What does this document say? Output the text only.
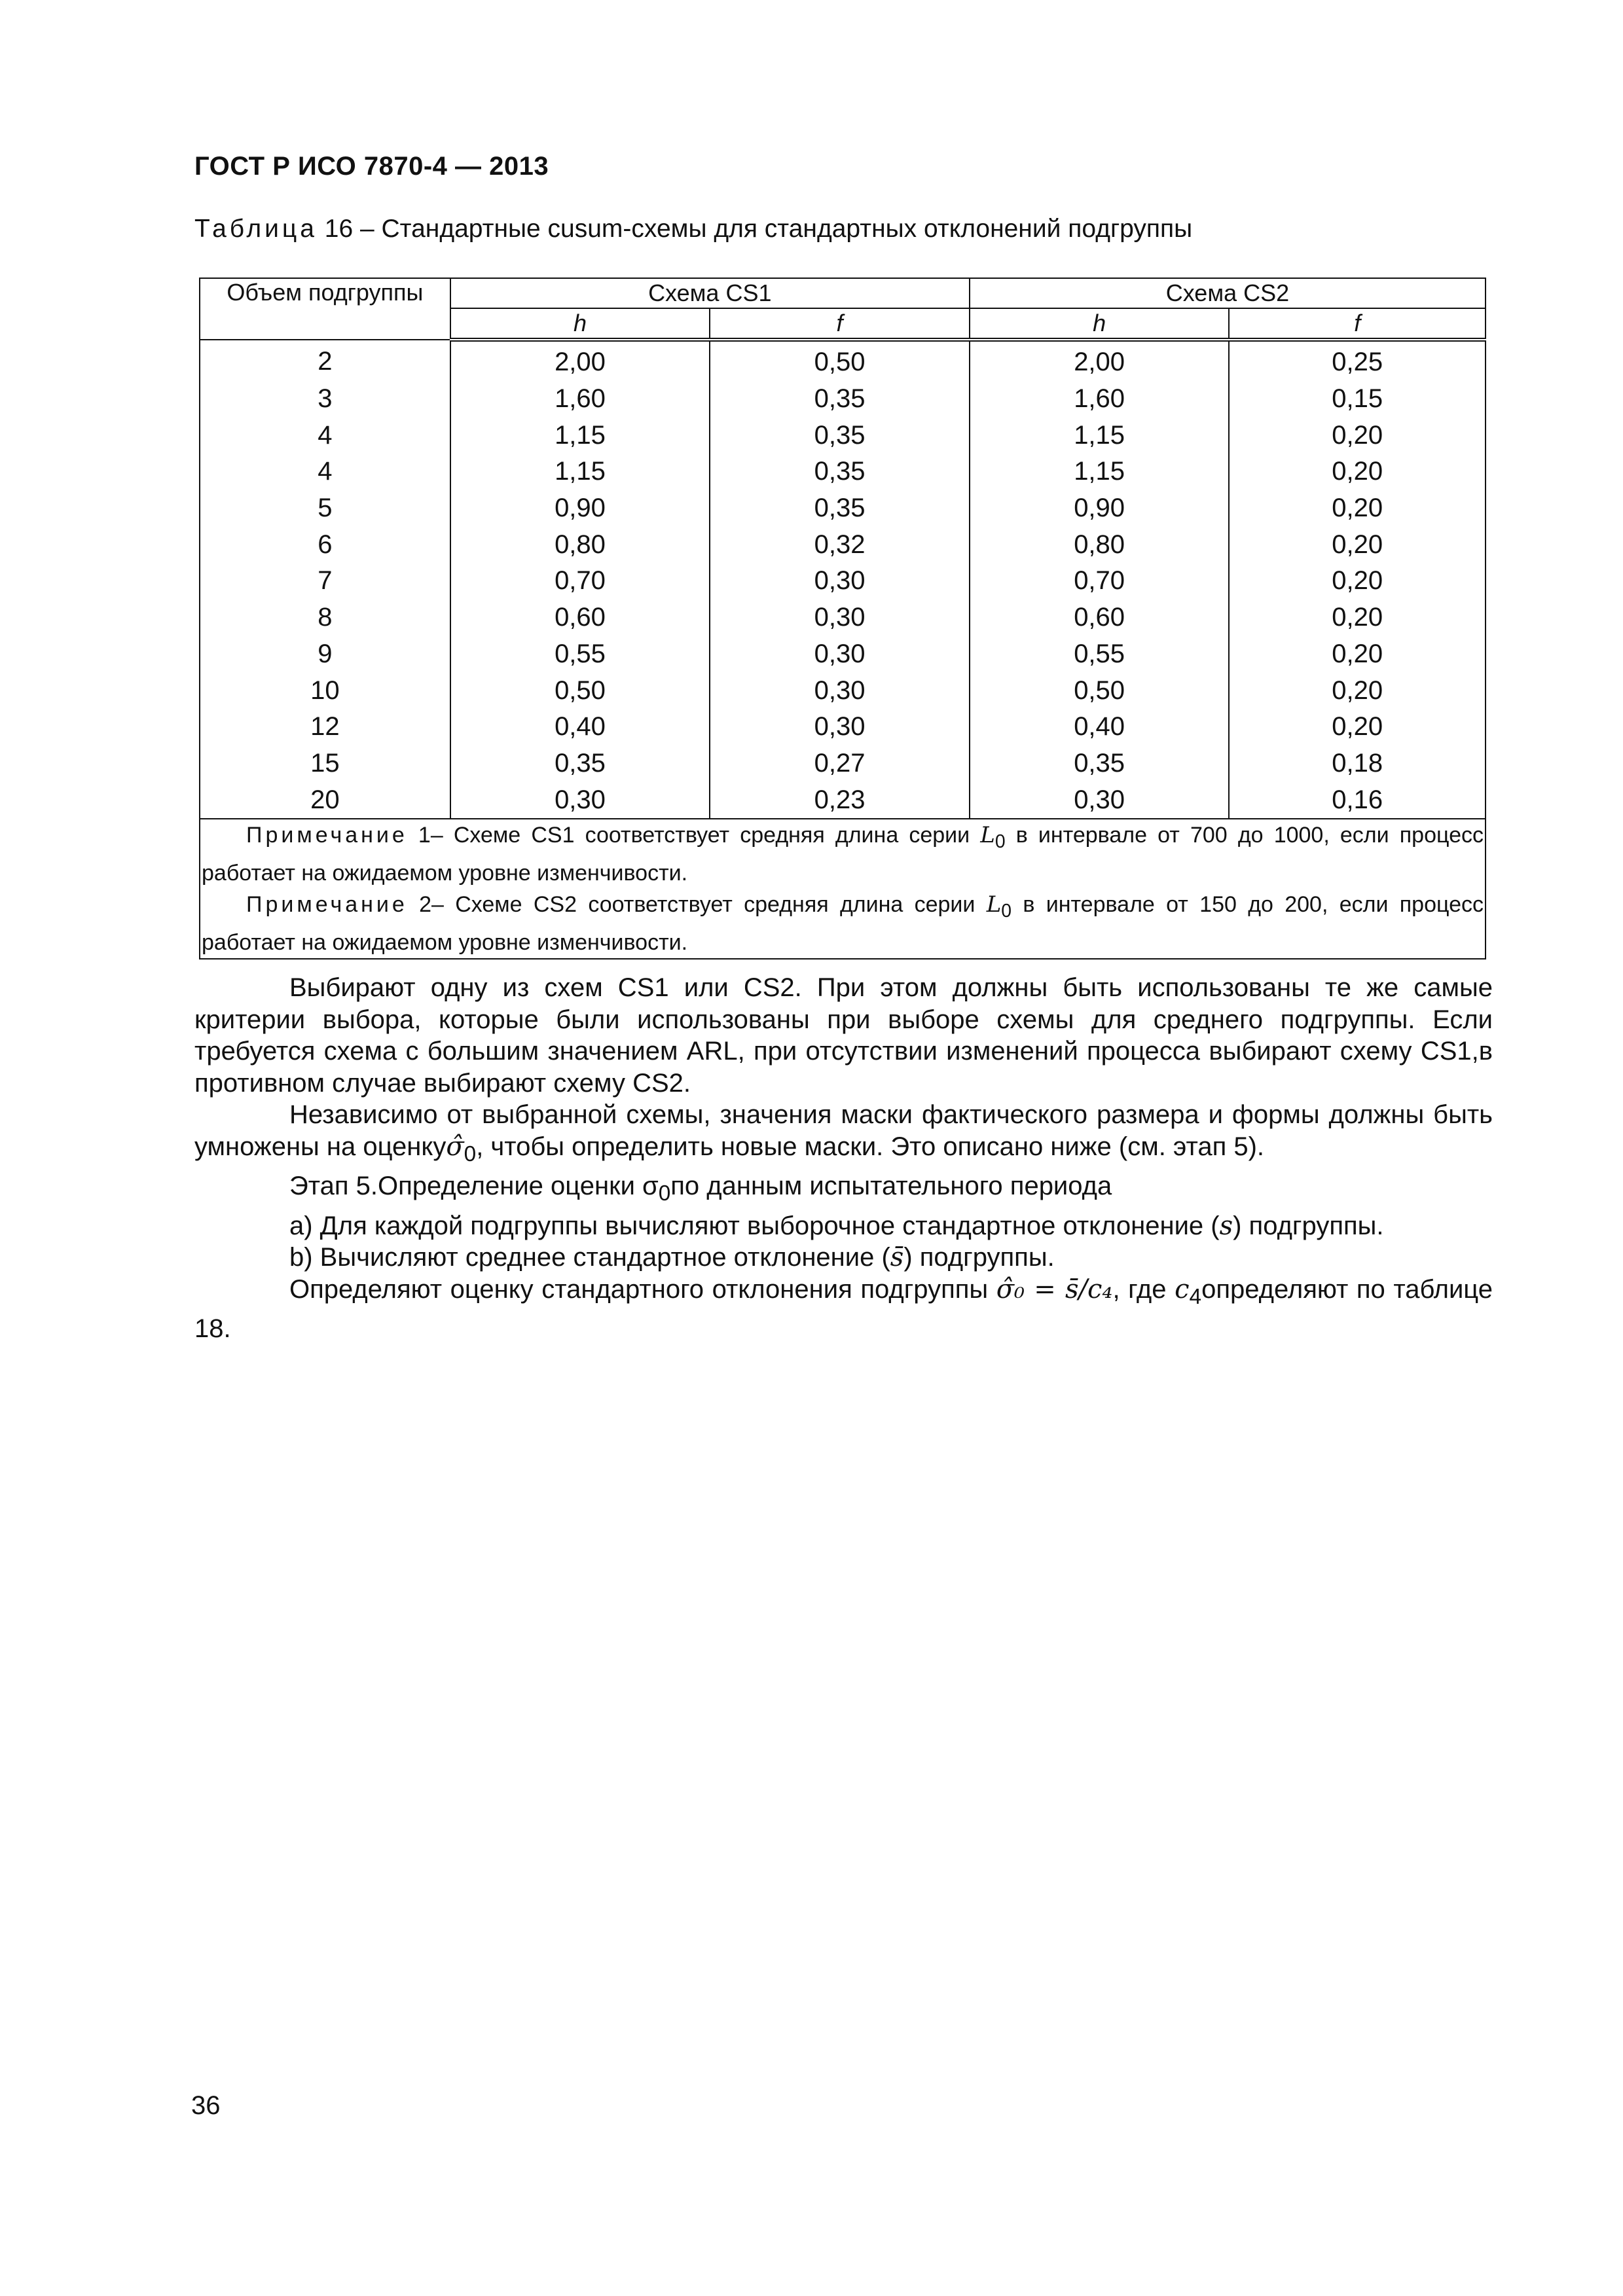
ГОСТ Р ИСО 7870-4 — 2013
Таблица 16 – Стандартные cusum-схемы для стандартных отклонений подгруппы
Объем подгруппы	Схема CS1		Схема CS2	
	h	f	h	f
2	2,00	0,50	2,00	0,25
3	1,60	0,35	1,60	0,15
4	1,15	0,35	1,15	0,20
4	1,15	0,35	1,15	0,20
5	0,90	0,35	0,90	0,20
6	0,80	0,32	0,80	0,20
7	0,70	0,30	0,70	0,20
8	0,60	0,30	0,60	0,20
9	0,55	0,30	0,55	0,20
10	0,50	0,30	0,50	0,20
12	0,40	0,30	0,40	0,20
15	0,35	0,27	0,35	0,18
20	0,30	0,23	0,30	0,16

Примечание 1– Схеме CS1 соответствует средняя длина серии $L_0$ в интервале от 700 до 1000, если процесс работает на ожидаемом уровне изменчивости.

Примечание 2– Схеме CS2 соответствует средняя длина серии $L_0$ в интервале от 150 до 200, если процесс работает на ожидаемом уровне изменчивости.				

Выбирают одну из схем CS1 или CS2. При этом должны быть использованы те же самые критерии выбора, которые были использованы при выборе схемы для среднего подгруппы. Если требуется схема с большим значением ARL, при отсутствии изменений процесса выбирают схему CS1,в противном случае выбирают схему CS2.

Независимо от выбранной схемы, значения маски фактического размера и формы должны быть умножены на $оценку\sigmâ_0$, чтобы определить новые маски. Это описано ниже (см. этап 5).

Этап 5.Определение оценки $\sigma_0по$ данным испытательного периода

a) Для каждой подгруппы вычисляют выборочное стандартное отклонение (s) подгруппы.

b) Вычисляют среднее стандартное отклонение (s̄) подгруппы.

Определяют оценку стандартного отклонения подгруппы σ̂₀ = s̄/c₄, где $c_4определяют$ по таблице 18.

36
